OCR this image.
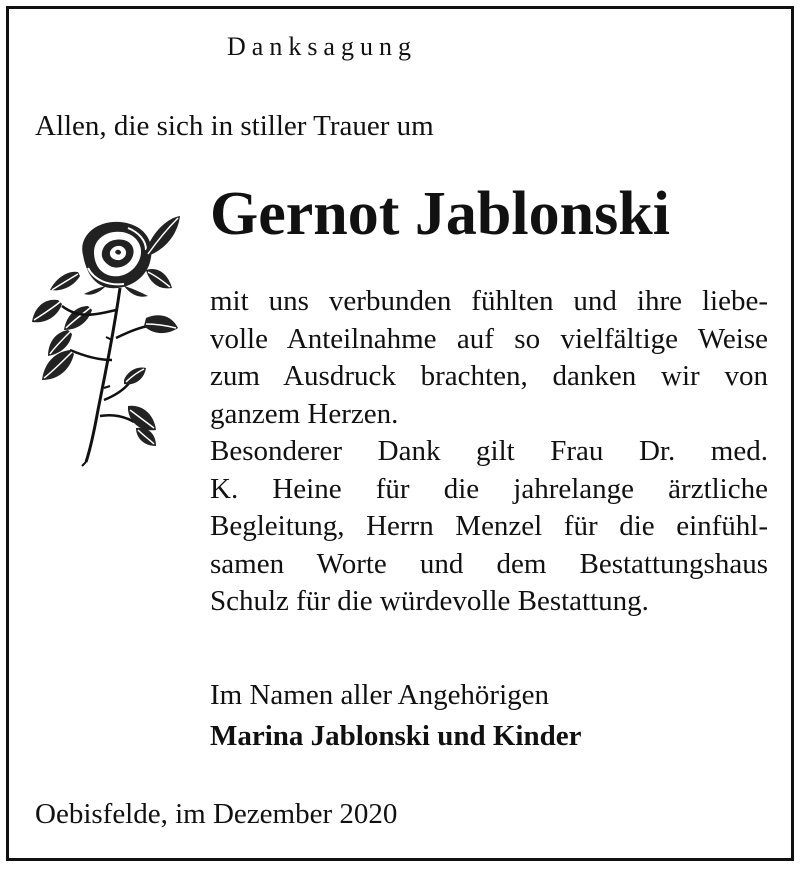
Danksagung
Allen, die sich in stiller Trauer um
Gernot Jablonski
mit uns verbunden fühlten und ihre liebe-
volle Anteilnahme auf so vielfältige Weise
zum Ausdruck brachten, danken wir von
ganzem Herzen.
Besonderer Dank gilt Frau Dr. med.
K. Heine für die jahrelange ärztliche
Begleitung, Herrn Menzel für die einfühl-
samen Worte und dem Bestattungshaus
Schulz für die würdevolle Bestattung.
Im Namen aller Angehörigen
Marina Jablonski und Kinder
Oebisfelde, im Dezember 2020
